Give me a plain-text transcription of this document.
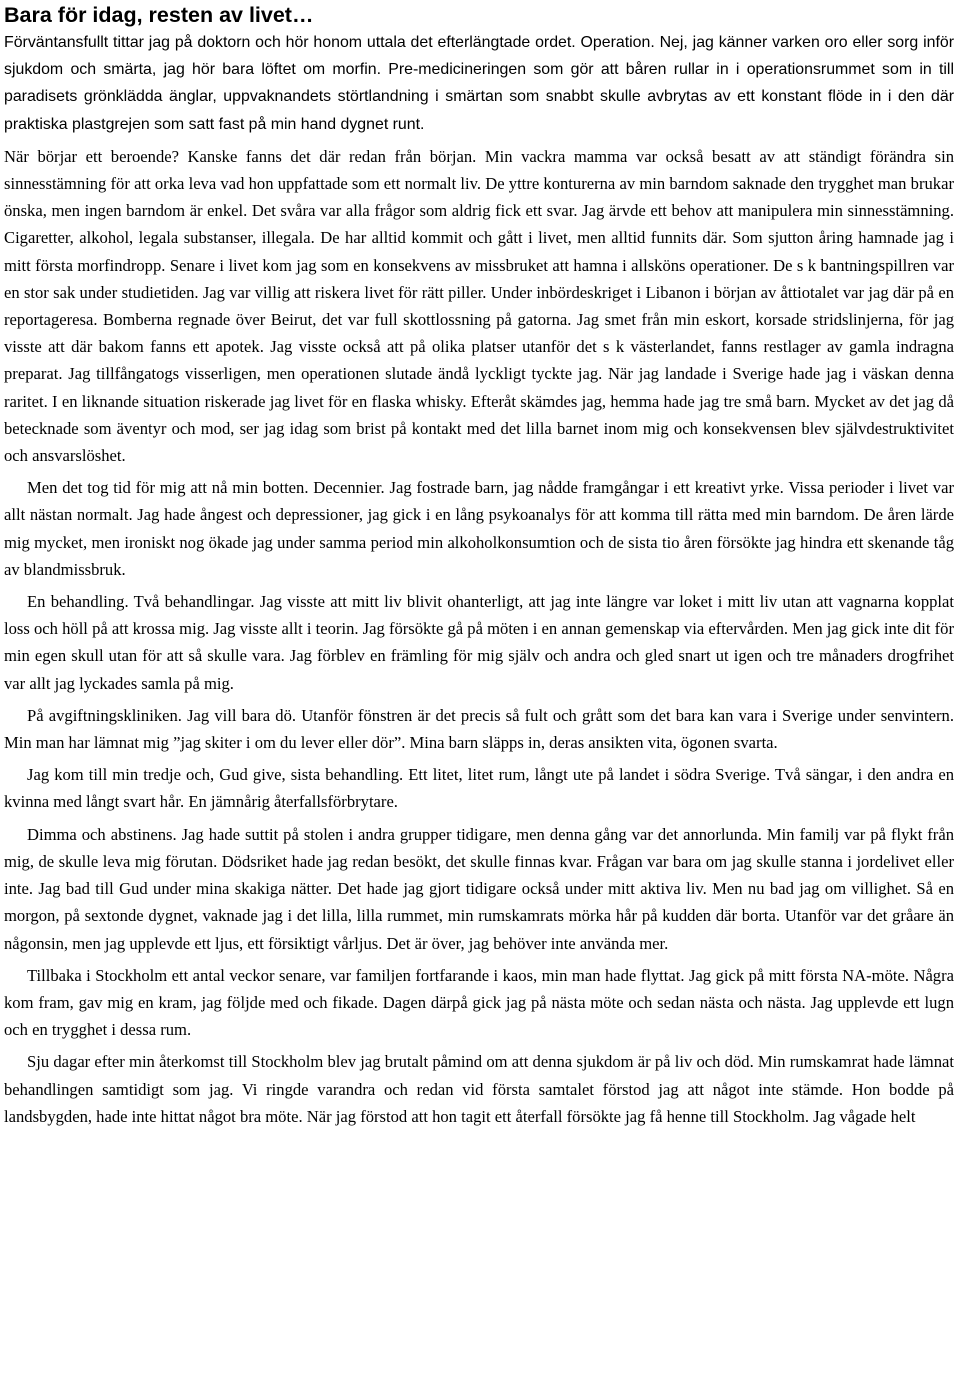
Bara för idag, resten av livet…

Förväntansfullt tittar jag på doktorn och hör honom uttala det efterlängtade ordet. Operation. Nej, jag känner varken oro eller sorg inför sjukdom och smärta, jag hör bara löftet om morfin. Pre-medicineringen som gör att båren rullar in i operationsrummet som in till paradisets grönklädda änglar, uppvaknandets störtlandning i smärtan som snabbt skulle avbrytas av ett konstant flöde in i den där praktiska plastgrejen som satt fast på min hand dygnet runt.

När börjar ett beroende? Kanske fanns det där redan från början. Min vackra mamma var också besatt av att ständigt förändra sin sinnesstämning för att orka leva vad hon uppfattade som ett normalt liv. De yttre konturerna av min barndom saknade den trygghet man brukar önska, men ingen barndom är enkel. Det svåra var alla frågor som aldrig fick ett svar. Jag ärvde ett behov att manipulera min sinnesstämning. Cigaretter, alkohol, legala substanser, illegala. De har alltid kommit och gått i livet, men alltid funnits där. Som sjutton åring hamnade jag i mitt första morfindropp. Senare i livet kom jag som en konsekvens av missbruket att hamna i allsköns operationer. De s k bantningspillren var en stor sak under studietiden. Jag var villig att riskera livet för rätt piller. Under inbördeskriget i Libanon i början av åttiotalet var jag där på en reportageresa. Bomberna regnade över Beirut, det var full skottlossning på gatorna. Jag smet från min eskort, korsade stridslinjerna, för jag visste att där bakom fanns ett apotek. Jag visste också att på olika platser utanför det s k västerlandet, fanns restlager av gamla indragna preparat. Jag tillfångatogs visserligen, men operationen slutade ändå lyckligt tyckte jag. När jag landade i Sverige hade jag i väskan denna raritet. I en liknande situation riskerade jag livet för en flaska whisky. Efteråt skämdes jag, hemma hade jag tre små barn. Mycket av det jag då betecknade som äventyr och mod, ser jag idag som brist på kontakt med det lilla barnet inom mig och konsekvensen blev självdestruktivitet och ansvarslöshet.

Men det tog tid för mig att nå min botten. Decennier. Jag fostrade barn, jag nådde framgångar i ett kreativt yrke. Vissa perioder i livet var allt nästan normalt. Jag hade ångest och depressioner, jag gick i en lång psykoanalys för att komma till rätta med min barndom. De åren lärde mig mycket, men ironiskt nog ökade jag under samma period min alkoholkonsumtion och de sista tio åren försökte jag hindra ett skenande tåg av blandmissbruk.

En behandling. Två behandlingar. Jag visste att mitt liv blivit ohanterligt, att jag inte längre var loket i mitt liv utan att vagnarna kopplat loss och höll på att krossa mig. Jag visste allt i teorin. Jag försökte gå på möten i en annan gemenskap via eftervården. Men jag gick inte dit för min egen skull utan för att så skulle vara. Jag förblev en främling för mig själv och andra och gled snart ut igen och tre månaders drogfrihet var allt jag lyckades samla på mig.

På avgiftningskliniken. Jag vill bara dö. Utanför fönstren är det precis så fult och grått som det bara kan vara i Sverige under senvintern. Min man har lämnat mig ”jag skiter i om du lever eller dör”. Mina barn släpps in, deras ansikten vita, ögonen svarta.

Jag kom till min tredje och, Gud give, sista behandling. Ett litet, litet rum, långt ute på landet i södra Sverige. Två sängar, i den andra en kvinna med långt svart hår. En jämnårig återfallsförbrytare.

Dimma och abstinens. Jag hade suttit på stolen i andra grupper tidigare, men denna gång var det annorlunda. Min familj var på flykt från mig, de skulle leva mig förutan. Dödsriket hade jag redan besökt, det skulle finnas kvar. Frågan var bara om jag skulle stanna i jordelivet eller inte. Jag bad till Gud under mina skakiga nätter. Det hade jag gjort tidigare också under mitt aktiva liv. Men nu bad jag om villighet. Så en morgon, på sextonde dygnet, vaknade jag i det lilla, lilla rummet, min rumskamrats mörka hår på kudden där borta. Utanför var det gråare än någonsin, men jag upplevde ett ljus, ett försiktigt vårljus. Det är över, jag behöver inte använda mer.

Tillbaka i Stockholm ett antal veckor senare, var familjen fortfarande i kaos, min man hade flyttat. Jag gick på mitt första NA-möte. Några kom fram, gav mig en kram, jag följde med och fikade. Dagen därpå gick jag på nästa möte och sedan nästa och nästa. Jag upplevde ett lugn och en trygghet i dessa rum.

Sju dagar efter min återkomst till Stockholm blev jag brutalt påmind om att denna sjukdom är på liv och död. Min rumskamrat hade lämnat behandlingen samtidigt som jag. Vi ringde varandra och redan vid första samtalet förstod jag att något inte stämde. Hon bodde på landsbygden, hade inte hittat något bra möte. När jag förstod att hon tagit ett återfall försökte jag få henne till Stockholm. Jag vågade helt
